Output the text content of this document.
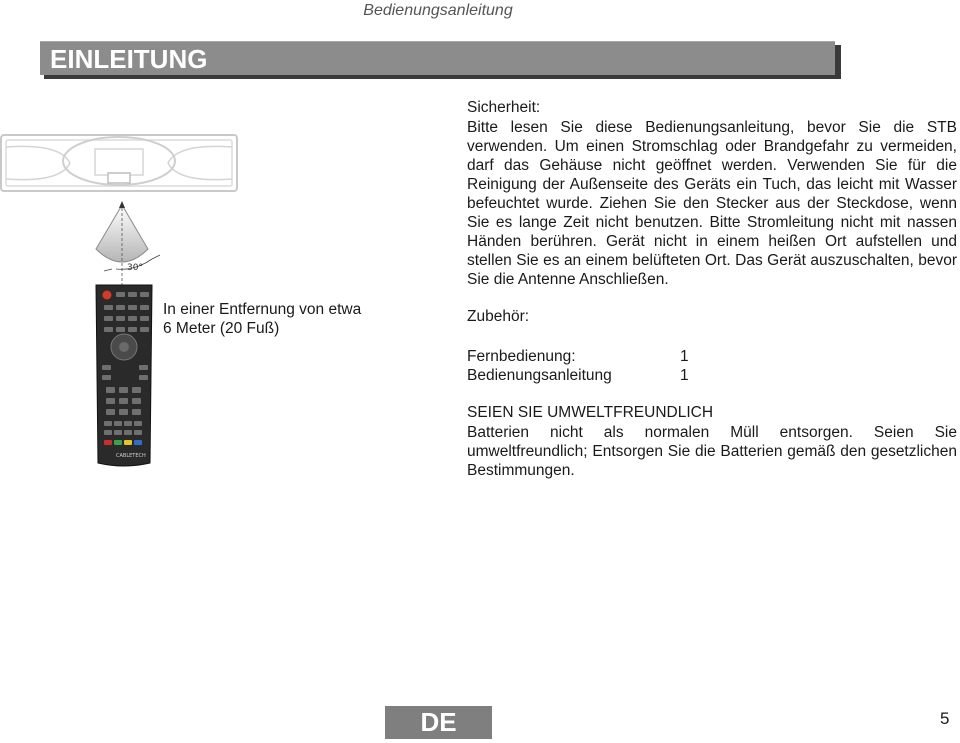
Bedienungsanleitung
EINLEITUNG
30°
CABLETECH
In einer Entfernung von etwa
6 Meter (20 Fuß)
Sicherheit:
Bitte lesen Sie diese Bedienungsanleitung, bevor Sie die STB verwenden. Um einen Stromschlag oder Brandgefahr zu vermeiden, darf das Gehäuse nicht geöffnet werden. Verwenden Sie für die Reinigung der Außenseite des Geräts ein Tuch, das leicht mit Wasser befeuchtet wurde. Ziehen Sie den Stecker aus der Steckdose, wenn Sie es lange Zeit nicht benutzen. Bitte Stromleitung nicht mit nassen Händen berühren. Gerät nicht in einem heißen Ort aufstellen und stellen Sie es an einem belüfteten Ort. Das Gerät auszuschalten, bevor Sie die Antenne Anschließen.
Zubehör:
Fernbedienung:	1
Bedienungsanleitung	1
SEIEN SIE UMWELTFREUNDLICH
Batterien nicht als normalen Müll entsorgen. Seien Sie umweltfreundlich; Entsorgen Sie die Batterien gemäß den gesetzlichen Bestimmungen.
DE	5
